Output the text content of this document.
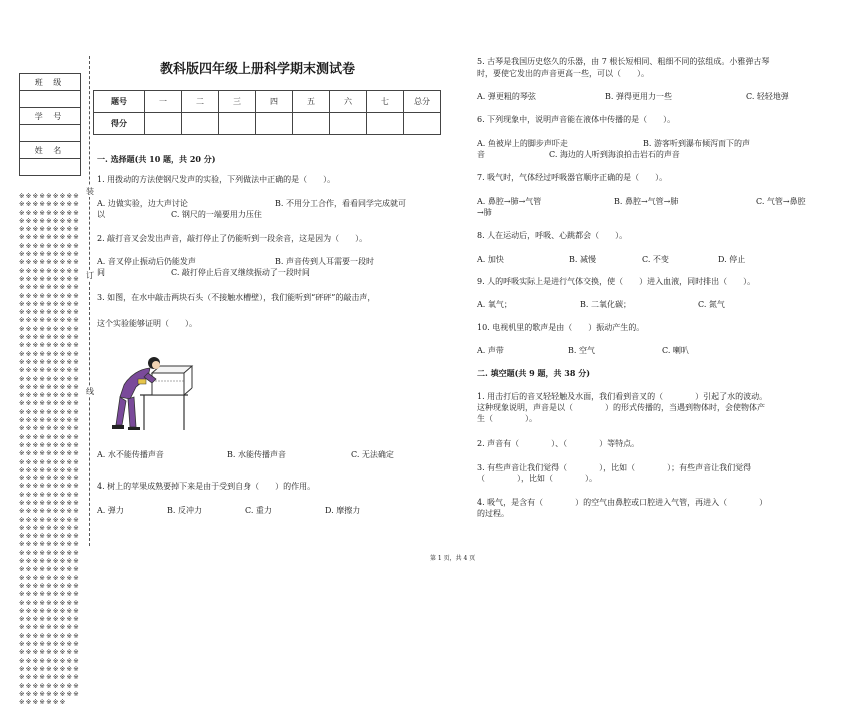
班 级

学 号

姓 名

※ ※ ※ ※ ※ ※ ※ ※ ※ ※ ※ ※ ※ ※ ※ ※ ※ ※ ※ ※ ※ ※ ※ ※ ※ ※ ※ ※ ※ ※ ※ ※ ※ ※ ※ ※ ※ ※ ※ ※ ※ ※ ※ ※ ※ ※ ※ ※ ※ ※ ※ ※ ※ ※ ※ ※ ※ ※ ※ ※ ※ ※ ※ ※ ※ ※ ※ ※ ※ ※ ※ ※ ※ ※ ※ ※ ※ ※ ※ ※ ※ ※ ※ ※ ※ ※ ※ ※ ※ ※ ※ ※ ※ ※ ※ ※ ※ ※ ※ ※ ※ ※ ※ ※ ※ ※ ※ ※ ※ ※ ※ ※ ※ ※ ※ ※ ※ ※ ※ ※ ※ ※ ※ ※ ※ ※ ※ ※ ※ ※ ※ ※ ※ ※ ※ ※ ※ ※ ※ ※ ※ ※ ※ ※ ※ ※ ※ ※ ※ ※ ※ ※ ※ ※ ※ ※ ※ ※ ※ ※ ※ ※ ※ ※ ※ ※ ※ ※ ※ ※ ※ ※ ※ ※ ※ ※ ※ ※ ※ ※ ※ ※ ※ ※ ※ ※ ※ ※ ※ ※ ※ ※ ※ ※ ※ ※ ※ ※ ※ ※ ※ ※ ※ ※ ※ ※ ※ ※ ※ ※ ※ ※ ※ ※ ※ ※ ※ ※ ※ ※ ※ ※ ※ ※ ※ ※ ※ ※ ※ ※ ※ ※ ※ ※ ※ ※ ※ ※ ※ ※ ※ ※ ※ ※ ※ ※ ※ ※ ※ ※ ※ ※ ※ ※ ※ ※ ※ ※ ※ ※ ※ ※ ※ ※ ※ ※ ※ ※ ※ ※ ※ ※ ※ ※ ※ ※ ※ ※ ※ ※ ※ ※ ※ ※ ※ ※ ※ ※ ※ ※ ※ ※ ※ ※ ※ ※ ※ ※ ※ ※ ※ ※ ※ ※ ※ ※ ※ ※ ※ ※ ※ ※ ※ ※ ※ ※ ※ ※ ※ ※ ※ ※ ※ ※ ※ ※ ※ ※ ※ ※ ※ ※ ※ ※ ※ ※ ※ ※ ※ ※ ※ ※ ※ ※ ※ ※ ※ ※ ※ ※ ※ ※ ※ ※ ※ ※ ※ ※ ※ ※ ※ ※ ※ ※ ※ ※ ※ ※ ※ ※ ※ ※ ※ ※ ※ ※ ※ ※ ※ ※ ※ ※ ※ ※ ※ ※ ※ ※ ※ ※ ※ ※ ※ ※ ※ ※ ※ ※ ※ ※ ※ ※ ※ ※ ※ ※ ※ ※ ※ ※ ※ ※ ※ ※ ※ ※ ※ ※ ※ ※ ※ ※ ※ ※ ※ ※ ※ ※ ※ ※ ※ ※ ※ ※ ※ ※ ※ ※ ※ ※ ※ ※ ※ ※ ※ ※ ※ ※ ※ ※ ※ ※ ※ ※ ※ ※ ※ ※ ※ ※ ※ ※ ※ ※ ※ ※ ※ ※ ※ ※ ※ ※ ※ ※ ※ ※ ※ ※ ※ ※ ※ ※ ※ ※ ※ ※ ※ ※ ※ ※ ※ ※ ※ ※ ※ ※ ※ ※ ※ ※ ※ ※ ※ ※ ※ ※ ※ ※ ※ ※ ※ ※ ※ ※ ※ ※ ※ ※ ※ ※ ※ ※ ※ ※ ※ ※ ※ ※ ※ ※ ※ ※ ※ ※ ※ ※ ※ ※ ※ ※ ※ ※ ※ ※ ※ ※ ※ ※ ※ ※ ※ ※ ※ ※ ※ ※
装
订
线
教科版四年级上册科学期末测试卷
题号	一	二	三	四	五	六	七	总分
得分								
一. 选择题(共 10 题，共 20 分)
1. 用拨动的方法使钢尺发声的实验，下列做法中正确的是（　　）。
A. 边做实验，边大声讨论	B. 不用分工合作，看看同学完成就可
以	C. 钢尺的一端要用力压住
2. 敲打音叉会发出声音，敲打停止了仍能听到一段余音，这是因为（　　）。
A. 音叉停止振动后仍能发声	B. 声音传到人耳需要一段时
间	C. 敲打停止后音叉继续振动了一段时间
3. 如图，在水中敲击两块石头（不接触水槽壁），我们能听到“砰砰”的敲击声，
这个实验能够证明（　　）。
A. 水不能传播声音	B. 水能传播声音	C. 无法确定
4. 树上的苹果成熟要掉下来是由于受到自身（　　）的作用。
A. 弹力	B. 反冲力	C. 重力	D. 摩擦力
5. 古琴是我国历史悠久的乐器，由 7 根长短相同、粗细不同的弦组成。小雅弹古琴
时，要使它发出的声音更高一些，可以（　　）。
A. 弹更粗的琴弦	B. 弹得更用力一些	C. 轻轻地弹
6. 下列现象中，说明声音能在液体中传播的是（　　）。
A. 鱼被岸上的脚步声吓走	B. 游客听到瀑布倾泻而下的声
音	C. 海边的人听到海浪拍击岩石的声音
7. 吸气时，气体经过呼吸器官顺序正确的是（　　）。
A. 鼻腔→肺→气管	B. 鼻腔→气管→肺	C. 气管→鼻腔
→肺
8. 人在运动后，呼吸、心跳都会（　　）。
A. 加快	B. 减慢	C. 不变	D. 停止
9. 人的呼吸实际上是进行气体交换，使（　　）进入血液，同时排出（　　）。
A. 氧气；	B. 二氧化碳；	C. 氮气
10. 电视机里的歌声是由（　　）振动产生的。
A. 声带	B. 空气	C. 喇叭
二. 填空题(共 9 题，共 38 分)
1. 用击打后的音叉轻轻触及水面，我们看到音叉的（　　　　）引起了水的波动。
这种现象说明，声音是以（　　　　）的形式传播的，当遇到物体时，会使物体产
生（　　　　）。
2. 声音有（　　　　）、（　　　　）等特点。
3. 有些声音让我们觉得（　　　　），比如（　　　　）；有些声音让我们觉得
（　　　　），比如（　　　　）。
4. 吸气，是含有（　　　　）的空气由鼻腔或口腔进入气管，再进入（　　　　）
的过程。
第 1 页，共 4 页
